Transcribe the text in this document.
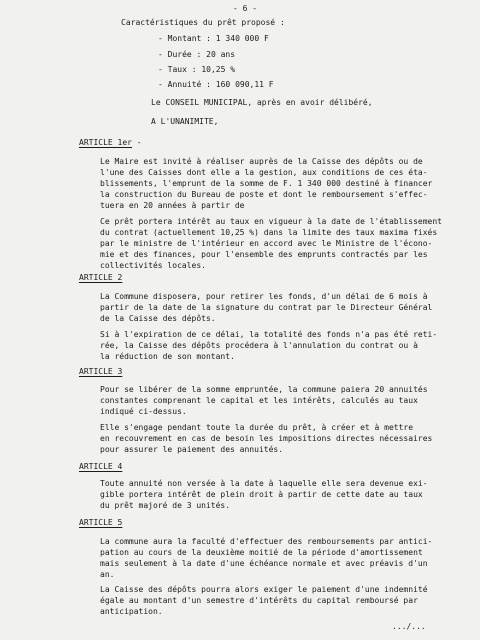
- 6 -
Caractéristiques du prêt proposé :
- Montant : 1 340 000 F
- Durée : 20 ans
- Taux : 10,25 %
- Annuité : 160 090,11 F
Le CONSEIL MUNICIPAL, après en avoir délibéré,
A L'UNANIMITE,
ARTICLE 1er -
Le Maire est invité à réaliser auprès de la Caisse des dépôts ou de
l'une des Caisses dont elle a la gestion, aux conditions de ces éta-
blissements, l'emprunt de la somme de F. 1 340 000 destiné à financer
la construction du Bureau de poste et dont le remboursement s'effec-
tuera en 20 années à partir de
Ce prêt portera intérêt au taux en vigueur à la date de l'établissement
du contrat (actuellement 10,25 %) dans la limite des taux maxima fixés
par le ministre de l'intérieur en accord avec le Ministre de l'écono-
mie et des finances, pour l'ensemble des emprunts contractés par les
collectivités locales.
ARTICLE 2
La Commune disposera, pour retirer les fonds, d'un délai de 6 mois à
partir de la date de la signature du contrat par le Directeur Général
de la Caisse des dépôts.
Si à l'expiration de ce délai, la totalité des fonds n'a pas été reti-
rée, la Caisse des dépôts procédera à l'annulation du contrat ou à
la réduction de son montant.
ARTICLE 3
Pour se libérer de la somme empruntée, la commune paiera 20 annuités
constantes comprenant le capital et les intérêts, calculés au taux
indiqué ci-dessus.
Elle s'engage pendant toute la durée du prêt, à créer et à mettre
en recouvrement en cas de besoin les impositions directes nécessaires
pour assurer le paiement des annuités.
ARTICLE 4
Toute annuité non versée à la date à laquelle elle sera devenue exi-
gible portera intérêt de plein droit à partir de cette date au taux
du prêt majoré de 3 unités.
ARTICLE 5
La commune aura la faculté d'effectuer des remboursements par antici-
pation au cours de la deuxième moitié de la période d'amortissement
mais seulement à la date d'une échéance normale et avec préavis d'un
an.
La Caisse des dépôts pourra alors exiger le paiement d'une indemnité
égale au montant d'un semestre d'intérêts du capital remboursé par
anticipation.
.../...
